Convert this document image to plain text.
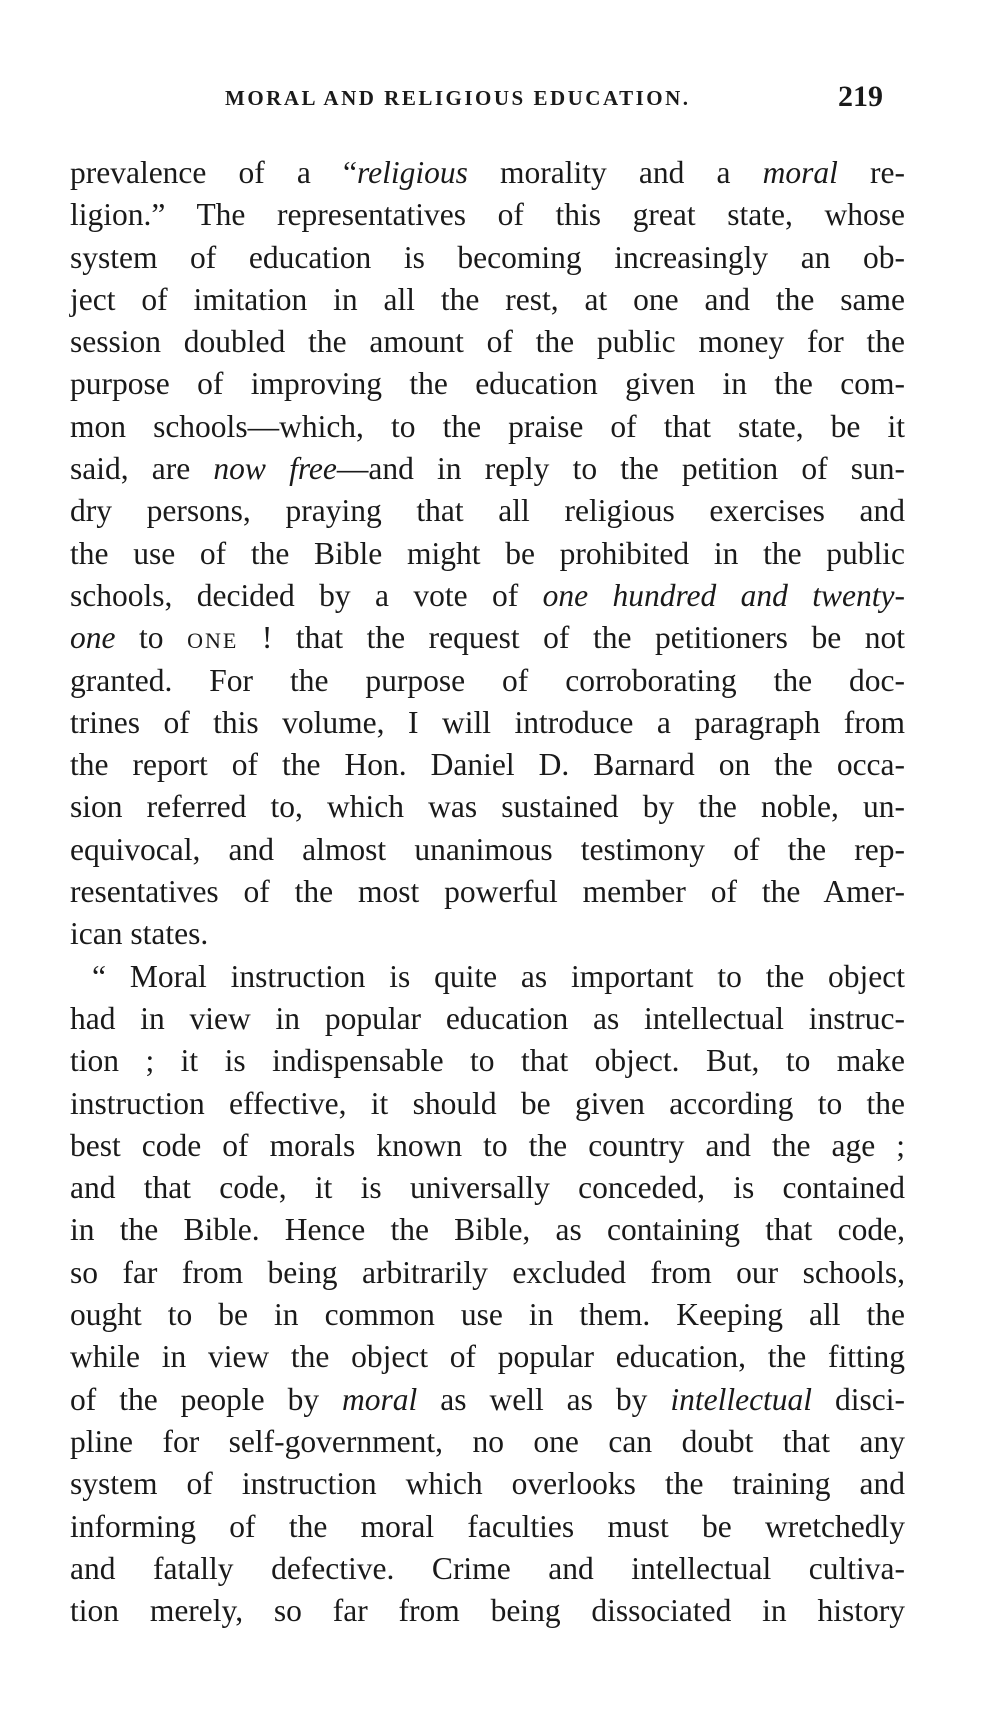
MORAL AND RELIGIOUS EDUCATION.	219
prevalence of a “religious morality and a moral re-
ligion.” The representatives of this great state, whose
system of education is becoming increasingly an ob-
ject of imitation in all the rest, at one and the same
session doubled the amount of the public money for the
purpose of improving the education given in the com-
mon schools—which, to the praise of that state, be it
said, are now free—and in reply to the petition of sun-
dry persons, praying that all religious exercises and
the use of the Bible might be prohibited in the public
schools, decided by a vote of one hundred and twenty-
one to ONE ! that the request of the petitioners be not
granted. For the purpose of corroborating the doc-
trines of this volume, I will introduce a paragraph from
the report of the Hon. Daniel D. Barnard on the occa-
sion referred to, which was sustained by the noble, un-
equivocal, and almost unanimous testimony of the rep-
resentatives of the most powerful member of the Amer-
ican states.
“ Moral instruction is quite as important to the object
had in view in popular education as intellectual instruc-
tion ; it is indispensable to that object. But, to make
instruction effective, it should be given according to the
best code of morals known to the country and the age ;
and that code, it is universally conceded, is contained
in the Bible. Hence the Bible, as containing that code,
so far from being arbitrarily excluded from our schools,
ought to be in common use in them. Keeping all the
while in view the object of popular education, the fitting
of the people by moral as well as by intellectual disci-
pline for self-government, no one can doubt that any
system of instruction which overlooks the training and
informing of the moral faculties must be wretchedly
and fatally defective. Crime and intellectual cultiva-
tion merely, so far from being dissociated in history
